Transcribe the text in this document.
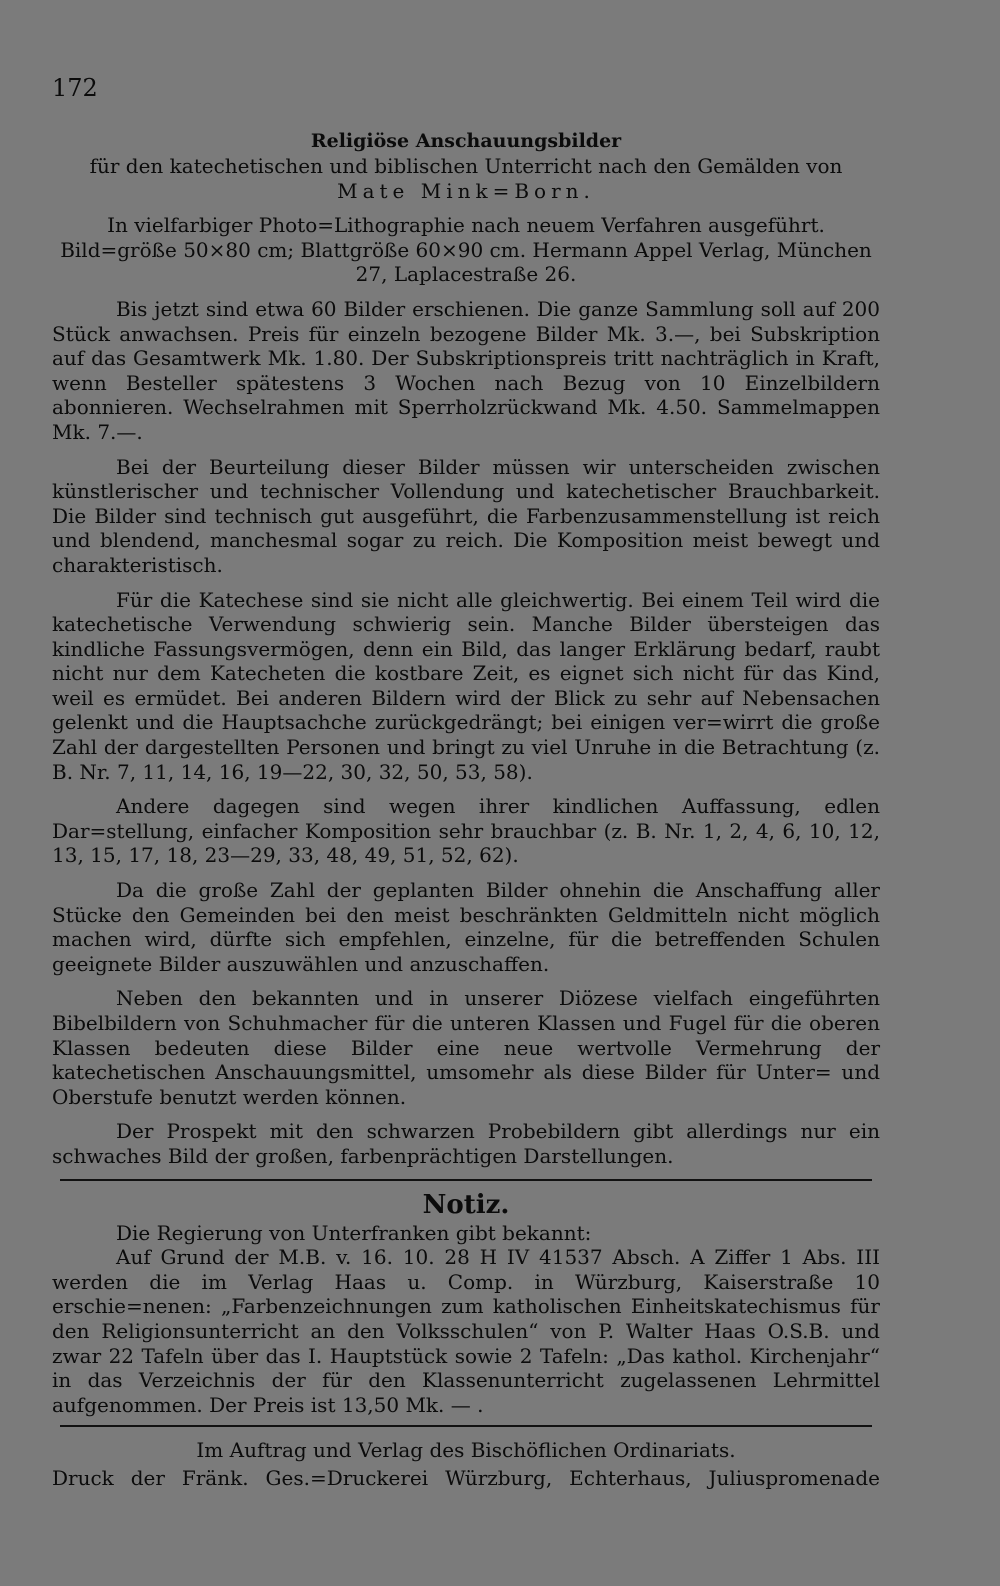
172

Religiöse Anschauungsbilder

für den katechetischen und biblischen Unterricht nach den Gemälden von

Mate Mink=Born.

In vielfarbiger Photo=Lithographie nach neuem Verfahren ausgeführt. Bild=größe 50×80 cm; Blattgröße 60×90 cm. Hermann Appel Verlag, München 27, Laplacestraße 26.

Bis jetzt sind etwa 60 Bilder erschienen. Die ganze Sammlung soll auf 200 Stück anwachsen. Preis für einzeln bezogene Bilder Mk. 3.—, bei Subskription auf das Gesamtwerk Mk. 1.80. Der Subskriptionspreis tritt nachträglich in Kraft, wenn Besteller spätestens 3 Wochen nach Bezug von 10 Einzelbildern abonnieren. Wechselrahmen mit Sperrholzrückwand Mk. 4.50. Sammelmappen Mk. 7.—.

Bei der Beurteilung dieser Bilder müssen wir unterscheiden zwischen künstlerischer und technischer Vollendung und katechetischer Brauchbarkeit. Die Bilder sind technisch gut ausgeführt, die Farbenzusammenstellung ist reich und blendend, manchesmal sogar zu reich. Die Komposition meist bewegt und charakteristisch.

Für die Katechese sind sie nicht alle gleichwertig. Bei einem Teil wird die katechetische Verwendung schwierig sein. Manche Bilder übersteigen das kindliche Fassungsvermögen, denn ein Bild, das langer Erklärung bedarf, raubt nicht nur dem Katecheten die kostbare Zeit, es eignet sich nicht für das Kind, weil es ermüdet. Bei anderen Bildern wird der Blick zu sehr auf Nebensachen gelenkt und die Hauptsachche zurückgedrängt; bei einigen ver=wirrt die große Zahl der dargestellten Personen und bringt zu viel Unruhe in die Betrachtung (z. B. Nr. 7, 11, 14, 16, 19—22, 30, 32, 50, 53, 58).

Andere dagegen sind wegen ihrer kindlichen Auffassung, edlen Dar=stellung, einfacher Komposition sehr brauchbar (z. B. Nr. 1, 2, 4, 6, 10, 12, 13, 15, 17, 18, 23—29, 33, 48, 49, 51, 52, 62).

Da die große Zahl der geplanten Bilder ohnehin die Anschaffung aller Stücke den Gemeinden bei den meist beschränkten Geldmitteln nicht möglich machen wird, dürfte sich empfehlen, einzelne, für die betreffenden Schulen geeignete Bilder auszuwählen und anzuschaffen.

Neben den bekannten und in unserer Diözese vielfach eingeführten Bibelbildern von Schuhmacher für die unteren Klassen und Fugel für die oberen Klassen bedeuten diese Bilder eine neue wertvolle Vermehrung der katechetischen Anschauungsmittel, umsomehr als diese Bilder für Unter= und Oberstufe benutzt werden können.

Der Prospekt mit den schwarzen Probebildern gibt allerdings nur ein schwaches Bild der großen, farbenprächtigen Darstellungen.

Notiz.

Die Regierung von Unterfranken gibt bekannt:

Auf Grund der M.B. v. 16. 10. 28 H IV 41537 Absch. A Ziffer 1 Abs. III werden die im Verlag Haas u. Comp. in Würzburg, Kaiserstraße 10 erschie=nenen: „Farbenzeichnungen zum katholischen Einheitskatechismus für den Religionsunterricht an den Volksschulen“ von P. Walter Haas O.S.B. und zwar 22 Tafeln über das I. Hauptstück sowie 2 Tafeln: „Das kathol. Kirchenjahr“ in das Verzeichnis der für den Klassenunterricht zugelassenen Lehrmittel aufgenommen. Der Preis ist 13,50 Mk. — .

Im Auftrag und Verlag des Bischöflichen Ordinariats.

Druck der Fränk. Ges.=Druckerei Würzburg, Echterhaus, Juliuspromenade
